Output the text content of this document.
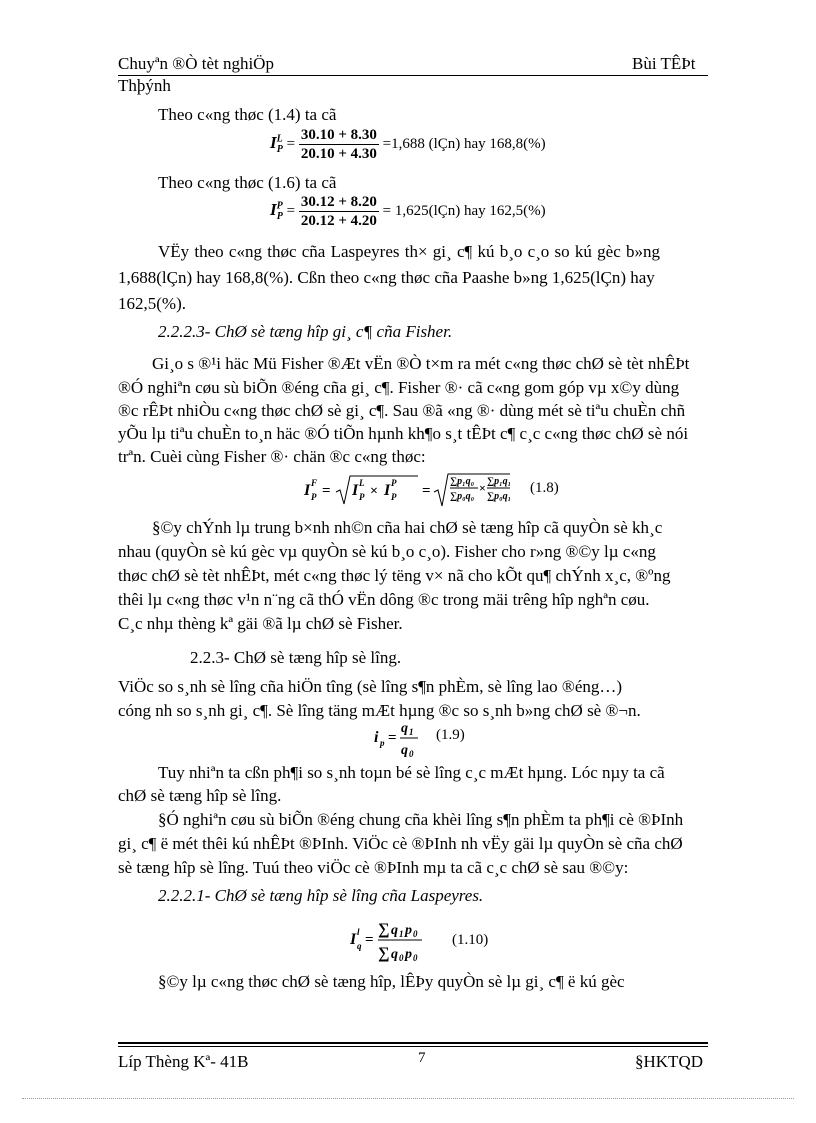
Chuyªn ®Ò tèt nghiÖp	Bùi TÊÞt
Thþýnh
Theo c«ng thøc (1.4) ta cã
$I^L_P = \frac{30.10 + 8.30}{20.10 + 4.30} =1,688$ (lÇn) hay 168,8(%)
Theo c«ng thøc (1.6) ta cã
$I^P_P = \frac{30.12 + 8.20}{20.12 + 4.20}$ = 1,625(lÇn) hay 162,5(%)
VËy theo c«ng thøc cña Laspeyres th× gi¸ c¶ kú b¸o c¸o so kú gèc b»ng
1,688(lÇn) hay 168,8(%). Cßn theo c«ng thøc cña Paashe b»ng 1,625(lÇn) hay
162,5(%).
2.2.2.3- ChØ sè tæng hîp gi¸ c¶ cña Fisher.
Gi¸o s ®¹i häc Mü Fisher ®Æt vËn ®Ò t×m ra mét c«ng thøc chØ sè tèt nhÊÞt
®Ó nghiªn cøu sù biÕn ®éng cña gi¸ c¶. Fisher ®· cã c«ng gom góp vµ x©y dùng
®c rÊÞt nhiÒu c«ng thøc chØ sè gi¸ c¶. Sau ®ã «ng ®· dùng mét sè tiªu chuÈn chñ
yÕu lµ tiªu chuÈn to¸n häc ®Ó tiÕn hµnh kh¶o s¸t tÊÞt c¶ c¸c c«ng thøc chØ sè nói
trªn. Cuèi cùng Fisher ®· chän ®c c«ng thøc:
I F
P = I L
P × I P
P =
∑p₁q₀
∑p₀q₀
× ∑p₁q₁
∑p₀q₁
(1.8)
§©y chÝnh lµ trung b×nh nh©n cña hai chØ sè tæng hîp cã quyÒn sè kh¸c
nhau (quyÒn sè kú gèc vµ quyÒn sè kú b¸o c¸o). Fisher cho r»ng ®©y lµ c«ng
thøc chØ sè tèt nhÊÞt, mét c«ng thøc lý tëng v× nã cho kÕt qu¶ chÝnh x¸c, ®ºng
thêi lµ c«ng thøc v¹n n¨ng cã thÓ vËn dông ®c trong mäi trêng hîp nghªn cøu.
C¸c nhµ thèng kª gäi ®ã lµ chØ sè Fisher.
2.2.3- ChØ sè tæng hîp sè lîng.
ViÖc so s¸nh sè lîng cña hiÖn tîng (sè lîng s¶n phÈm, sè lîng lao ®éng…)
cóng nh so s¸nh gi¸ c¶. Sè lîng täng mÆt hµng ®c so s¸nh b»ng chØ sè ®¬n.
i p =
q 1
q 0
(1.9)
Tuy nhiªn ta cßn ph¶i so s¸nh toµn bé sè lîng c¸c mÆt hµng. Lóc nµy ta cã
chØ sè tæng hîp sè lîng.
§Ó nghiªn cøu sù biÕn ®éng chung cña khèi lîng s¶n phÈm ta ph¶i cè ®ÞInh
gi¸ c¶ ë mét thêi kú nhÊÞt ®ÞInh. ViÖc cè ®ÞInh nh vËy gäi lµ quyÒn sè cña chØ
sè tæng hîp sè lîng. Tuú theo viÖc cè ®ÞInh mµ ta cã c¸c chØ sè sau ®©y:
2.2.2.1- ChØ sè tæng hîp sè lîng cña Laspeyres.
I l
q =
∑ q 1 p 0
∑ q 0 p 0
(1.10)
§©y lµ c«ng thøc chØ sè tæng hîp, lÊÞy quyÒn sè lµ gi¸ c¶ ë kú gèc
Líp Thèng Kª- 41B	7	§HKTQD
